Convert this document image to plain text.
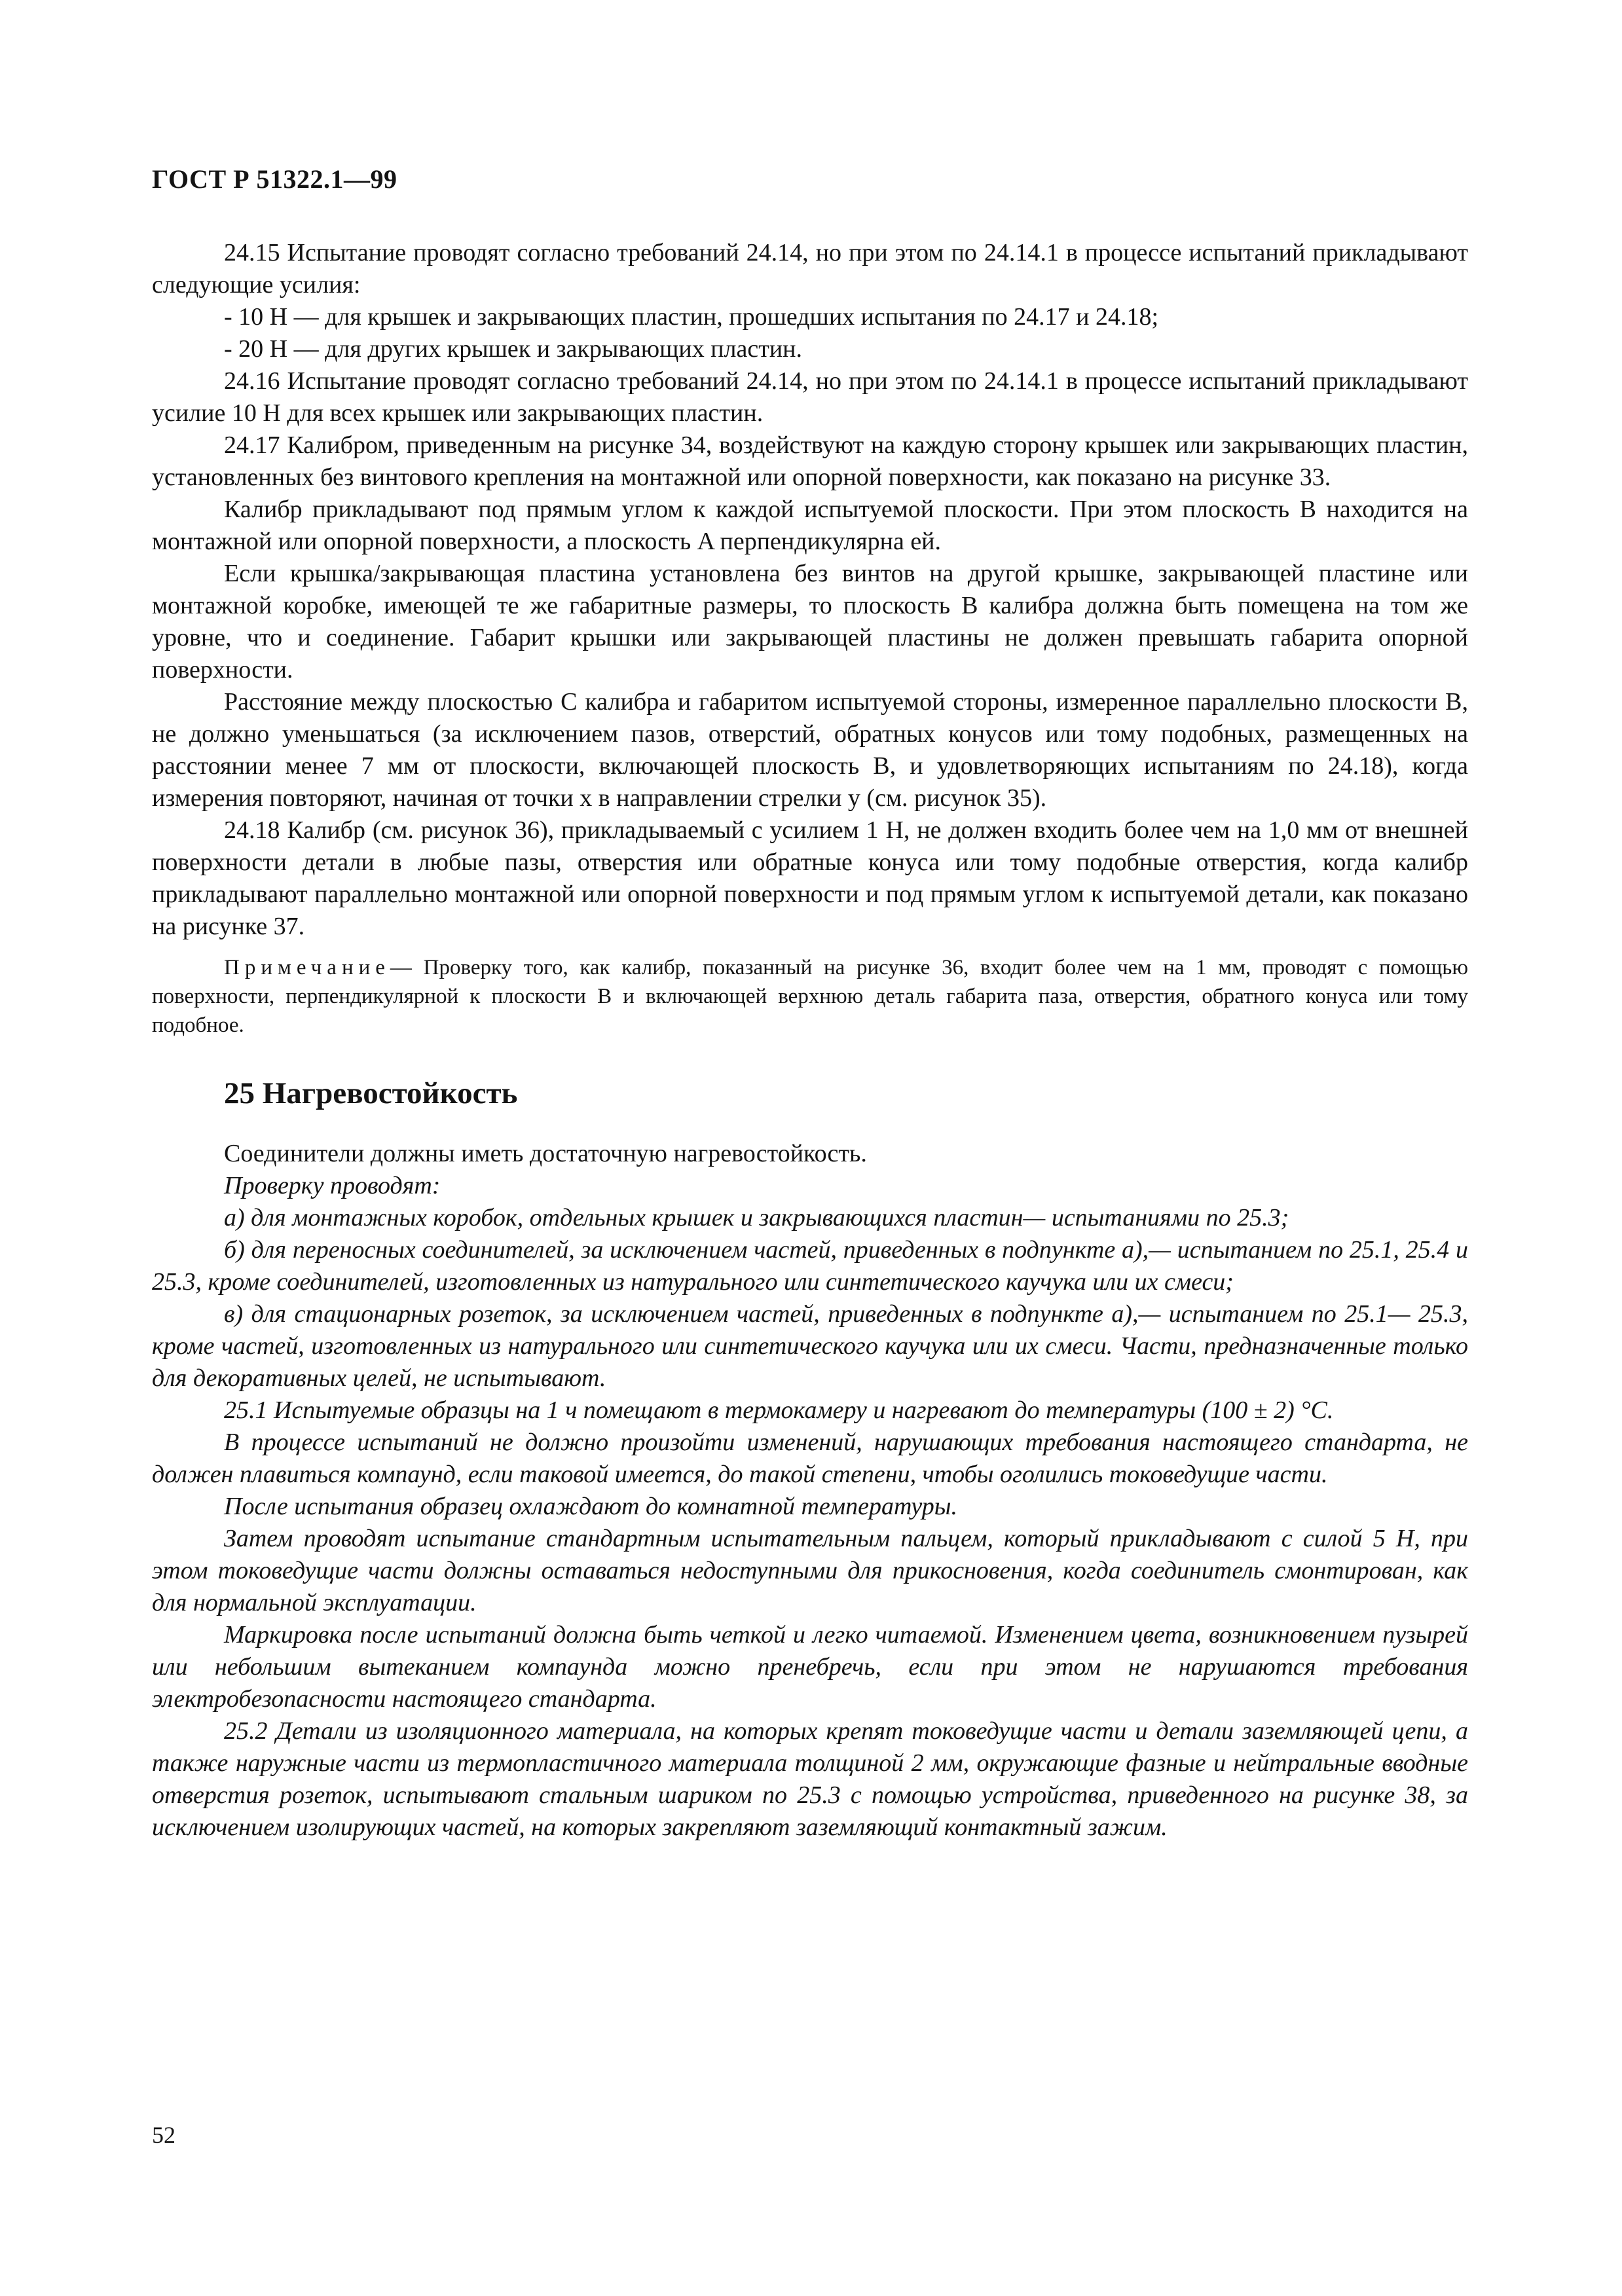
ГОСТ Р 51322.1—99

24.15 Испытание проводят согласно требований 24.14, но при этом по 24.14.1 в процессе испытаний прикладывают следующие усилия:

- 10 Н — для крышек и закрывающих пластин, прошедших испытания по 24.17 и 24.18;

- 20 Н — для других крышек и закрывающих пластин.

24.16 Испытание проводят согласно требований 24.14, но при этом по 24.14.1 в процессе испытаний прикладывают усилие 10 Н для всех крышек или закрывающих пластин.

24.17 Калибром, приведенным на рисунке 34, воздействуют на каждую сторону крышек или закрывающих пластин, установленных без винтового крепления на монтажной или опорной поверхности, как показано на рисунке 33.

Калибр прикладывают под прямым углом к каждой испытуемой плоскости. При этом плоскость B находится на монтажной или опорной поверхности, а плоскость A перпендикулярна ей.

Если крышка/закрывающая пластина установлена без винтов на другой крышке, закрывающей пластине или монтажной коробке, имеющей те же габаритные размеры, то плоскость B калибра должна быть помещена на том же уровне, что и соединение. Габарит крышки или закрывающей пластины не должен превышать габарита опорной поверхности.

Расстояние между плоскостью C калибра и габаритом испытуемой стороны, измеренное параллельно плоскости B, не должно уменьшаться (за исключением пазов, отверстий, обратных конусов или тому подобных, размещенных на расстоянии менее 7 мм от плоскости, включающей плоскость B, и удовлетворяющих испытаниям по 24.18), когда измерения повторяют, начиная от точки x в направлении стрелки y (см. рисунок 35).

24.18 Калибр (см. рисунок 36), прикладываемый с усилием 1 Н, не должен входить более чем на 1,0 мм от внешней поверхности детали в любые пазы, отверстия или обратные конуса или тому подобные отверстия, когда калибр прикладывают параллельно монтажной или опорной поверхности и под прямым углом к испытуемой детали, как показано на рисунке 37.

Примечание— Проверку того, как калибр, показанный на рисунке 36, входит более чем на 1 мм, проводят с помощью поверхности, перпендикулярной к плоскости B и включающей верхнюю деталь габарита паза, отверстия, обратного конуса или тому подобное.

25 Нагревостойкость

Соединители должны иметь достаточную нагревостойкость.

Проверку проводят:

а) для монтажных коробок, отдельных крышек и закрывающихся пластин— испытаниями по 25.3;

б) для переносных соединителей, за исключением частей, приведенных в подпункте а),— испытанием по 25.1, 25.4 и 25.3, кроме соединителей, изготовленных из натурального или синтетического каучука или их смеси;

в) для стационарных розеток, за исключением частей, приведенных в подпункте а),— испытанием по 25.1— 25.3, кроме частей, изготовленных из натурального или синтетического каучука или их смеси. Части, предназначенные только для декоративных целей, не испытывают.

25.1 Испытуемые образцы на 1 ч помещают в термокамеру и нагревают до температуры (100 ± 2) °С.

В процессе испытаний не должно произойти изменений, нарушающих требования настоящего стандарта, не должен плавиться компаунд, если таковой имеется, до такой степени, чтобы оголились токоведущие части.

После испытания образец охлаждают до комнатной температуры.

Затем проводят испытание стандартным испытательным пальцем, который прикладывают с силой 5 Н, при этом токоведущие части должны оставаться недоступными для прикосновения, когда соединитель смонтирован, как для нормальной эксплуатации.

Маркировка после испытаний должна быть четкой и легко читаемой. Изменением цвета, возникновением пузырей или небольшим вытеканием компаунда можно пренебречь, если при этом не нарушаются требования электробезопасности настоящего стандарта.

25.2 Детали из изоляционного материала, на которых крепят токоведущие части и детали заземляющей цепи, а также наружные части из термопластичного материала толщиной 2 мм, окружающие фазные и нейтральные вводные отверстия розеток, испытывают стальным шариком по 25.3 с помощью устройства, приведенного на рисунке 38, за исключением изолирующих частей, на которых закрепляют заземляющий контактный зажим.

52
